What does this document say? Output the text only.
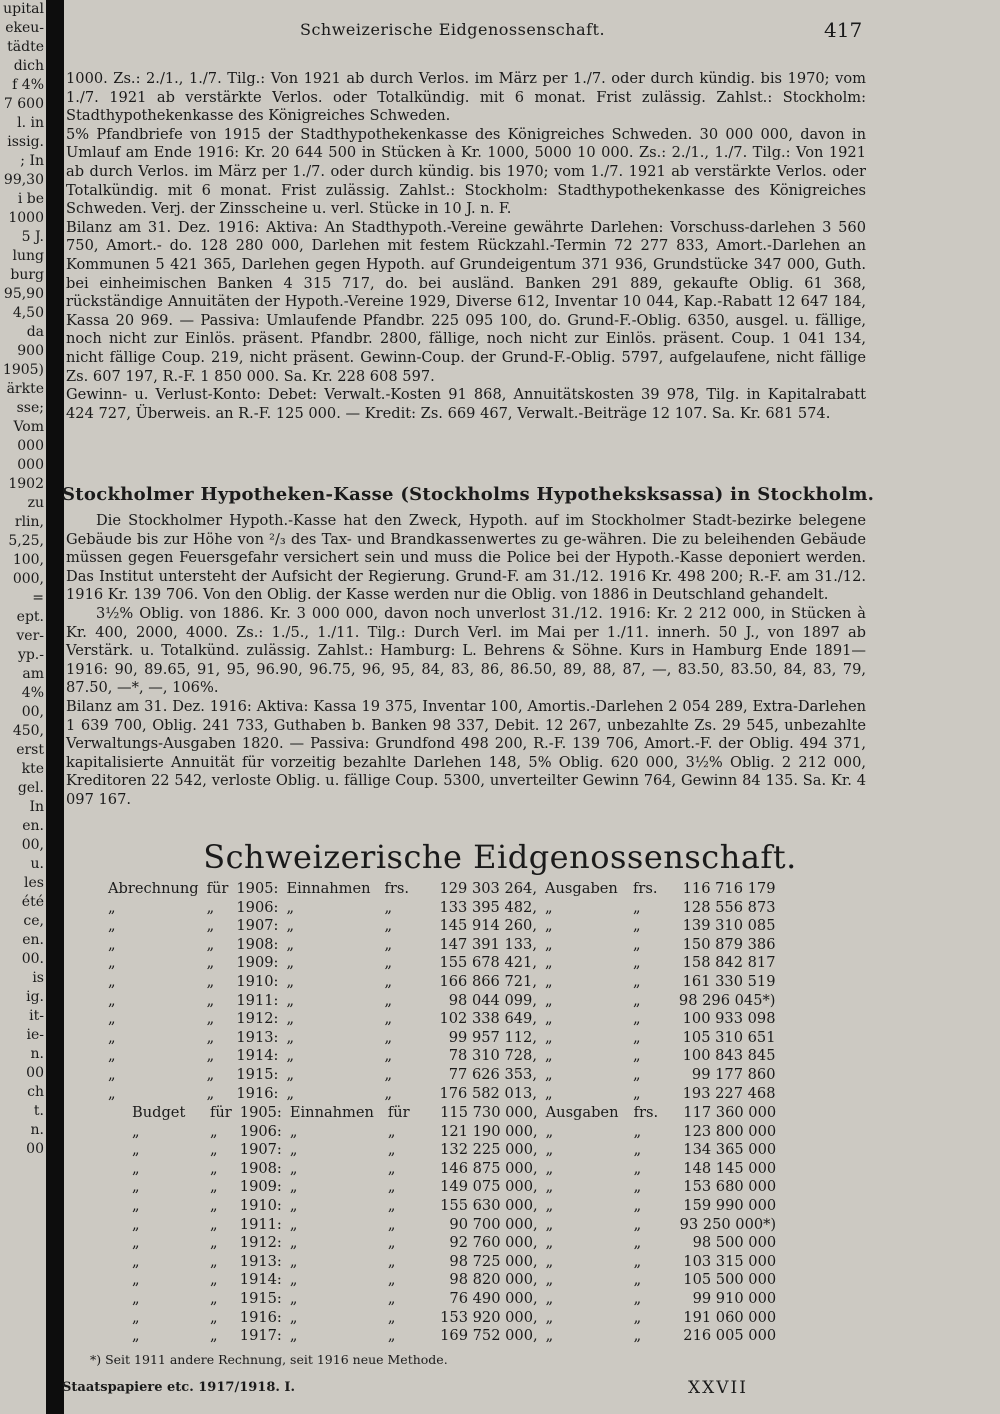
upital
ekeu-
tädte
dich
f 4%
7 600
l. in
issig.
; In
99,30
i be
1000
5 J.
lung
burg
95,90
4,50
da
900
1905)
ärkte
sse;
Vom
000
000
1902
zu
rlin,
5,25,
100,
000,
=
ept.
ver-
yp.-
am
4%
00,
450,
erst
kte
gel.
In
en.
00,
u.
les
été
ce,
en.
00.
is
ig.
it-
ie-
n.
00
ch
t.
n.
00
Schweizerische Eidgenossenschaft.	417

1000. Zs.: 2./1., 1./7. Tilg.: Von 1921 ab durch Verlos. im März per 1./7. oder durch kündig. bis 1970; vom 1./7. 1921 ab verstärkte Verlos. oder Totalkündig. mit 6 monat. Frist zulässig. Zahlst.: Stockholm: Stadthypothekenkasse des Königreiches Schweden.

5% Pfandbriefe von 1915 der Stadthypothekenkasse des Königreiches Schweden. 30 000 000, davon in Umlauf am Ende 1916: Kr. 20 644 500 in Stücken à Kr. 1000, 5000 10 000. Zs.: 2./1., 1./7. Tilg.: Von 1921 ab durch Verlos. im März per 1./7. oder durch kündig. bis 1970; vom 1./7. 1921 ab verstärkte Verlos. oder Totalkündig. mit 6 monat. Frist zulässig. Zahlst.: Stockholm: Stadthypothekenkasse des Königreiches Schweden. Verj. der Zinsscheine u. verl. Stücke in 10 J. n. F.

Bilanz am 31. Dez. 1916: Aktiva: An Stadthypoth.-Vereine gewährte Darlehen: Vorschuss-darlehen 3 560 750, Amort.- do. 128 280 000, Darlehen mit festem Rückzahl.-Termin 72 277 833, Amort.-Darlehen an Kommunen 5 421 365, Darlehen gegen Hypoth. auf Grundeigentum 371 936, Grundstücke 347 000, Guth. bei einheimischen Banken 4 315 717, do. bei ausländ. Banken 291 889, gekaufte Oblig. 61 368, rückständige Annuitäten der Hypoth.-Vereine 1929, Diverse 612, Inventar 10 044, Kap.-Rabatt 12 647 184, Kassa 20 969. — Passiva: Umlaufende Pfandbr. 225 095 100, do. Grund-F.-Oblig. 6350, ausgel. u. fällige, noch nicht zur Einlös. präsent. Pfandbr. 2800, fällige, noch nicht zur Einlös. präsent. Coup. 1 041 134, nicht fällige Coup. 219, nicht präsent. Gewinn-Coup. der Grund-F.-Oblig. 5797, aufgelaufene, nicht fällige Zs. 607 197, R.-F. 1 850 000. Sa. Kr. 228 608 597.

Gewinn- u. Verlust-Konto: Debet: Verwalt.-Kosten 91 868, Annuitätskosten 39 978, Tilg. in Kapitalrabatt 424 727, Überweis. an R.-F. 125 000. — Kredit: Zs. 669 467, Verwalt.-Beiträge 12 107. Sa. Kr. 681 574.

Stockholmer Hypotheken-Kasse (Stockholms Hypotheksksassa) in Stockholm.

Die Stockholmer Hypoth.-Kasse hat den Zweck, Hypoth. auf im Stockholmer Stadt-bezirke belegene Gebäude bis zur Höhe von ²/₃ des Tax- und Brandkassenwertes zu ge-währen. Die zu beleihenden Gebäude müssen gegen Feuersgefahr versichert sein und muss die Police bei der Hypoth.-Kasse deponiert werden. Das Institut untersteht der Aufsicht der Regierung. Grund-F. am 31./12. 1916 Kr. 498 200; R.-F. am 31./12. 1916 Kr. 139 706. Von den Oblig. der Kasse werden nur die Oblig. von 1886 in Deutschland gehandelt.

3½% Oblig. von 1886. Kr. 3 000 000, davon noch unverlost 31./12. 1916: Kr. 2 212 000, in Stücken à Kr. 400, 2000, 4000. Zs.: 1./5., 1./11. Tilg.: Durch Verl. im Mai per 1./11. innerh. 50 J., von 1897 ab Verstärk. u. Totalkünd. zulässig. Zahlst.: Hamburg: L. Behrens & Söhne. Kurs in Hamburg Ende 1891—1916: 90, 89.65, 91, 95, 96.90, 96.75, 96, 95, 84, 83, 86, 86.50, 89, 88, 87, —, 83.50, 83.50, 84, 83, 79, 87.50, —*, —, 106%.

Bilanz am 31. Dez. 1916: Aktiva: Kassa 19 375, Inventar 100, Amortis.-Darlehen 2 054 289, Extra-Darlehen 1 639 700, Oblig. 241 733, Guthaben b. Banken 98 337, Debit. 12 267, unbezahlte Zs. 29 545, unbezahlte Verwaltungs-Ausgaben 1820. — Passiva: Grundfond 498 200, R.-F. 139 706, Amort.-F. der Oblig. 494 371, kapitalisierte Annuität für vorzeitig bezahlte Darlehen 148, 5% Oblig. 620 000, 3½% Oblig. 2 212 000, Kreditoren 22 542, verloste Oblig. u. fällige Coup. 5300, unverteilter Gewinn 764, Gewinn 84 135. Sa. Kr. 4 097 167.

Schweizerische Eidgenossenschaft.
Abrechnung	für	1905:	Einnahmen	frs.	129 303 264,	Ausgaben	frs.	116 716 179
„	„	1906:	„	„	133 395 482,	„	„	128 556 873
„	„	1907:	„	„	145 914 260,	„	„	139 310 085
„	„	1908:	„	„	147 391 133,	„	„	150 879 386
„	„	1909:	„	„	155 678 421,	„	„	158 842 817
„	„	1910:	„	„	166 866 721,	„	„	161 330 519
„	„	1911:	„	„	98 044 099,	„	„	98 296 045*)
„	„	1912:	„	„	102 338 649,	„	„	100 933 098
„	„	1913:	„	„	99 957 112,	„	„	105 310 651
„	„	1914:	„	„	78 310 728,	„	„	100 843 845
„	„	1915:	„	„	77 626 353,	„	„	99 177 860
„	„	1916:	„	„	176 582 013,	„	„	193 227 468
Budget	für	1905:	Einnahmen	für	115 730 000,	Ausgaben	frs.	117 360 000
„	„	1906:	„	„	121 190 000,	„	„	123 800 000
„	„	1907:	„	„	132 225 000,	„	„	134 365 000
„	„	1908:	„	„	146 875 000,	„	„	148 145 000
„	„	1909:	„	„	149 075 000,	„	„	153 680 000
„	„	1910:	„	„	155 630 000,	„	„	159 990 000
„	„	1911:	„	„	90 700 000,	„	„	93 250 000*)
„	„	1912:	„	„	92 760 000,	„	„	98 500 000
„	„	1913:	„	„	98 725 000,	„	„	103 315 000
„	„	1914:	„	„	98 820 000,	„	„	105 500 000
„	„	1915:	„	„	76 490 000,	„	„	99 910 000
„	„	1916:	„	„	153 920 000,	„	„	191 060 000
„	„	1917:	„	„	169 752 000,	„	„	216 005 000
*) Seit 1911 andere Rechnung, seit 1916 neue Methode.
Staatspapiere etc. 1917/1918. I.	XXVII
